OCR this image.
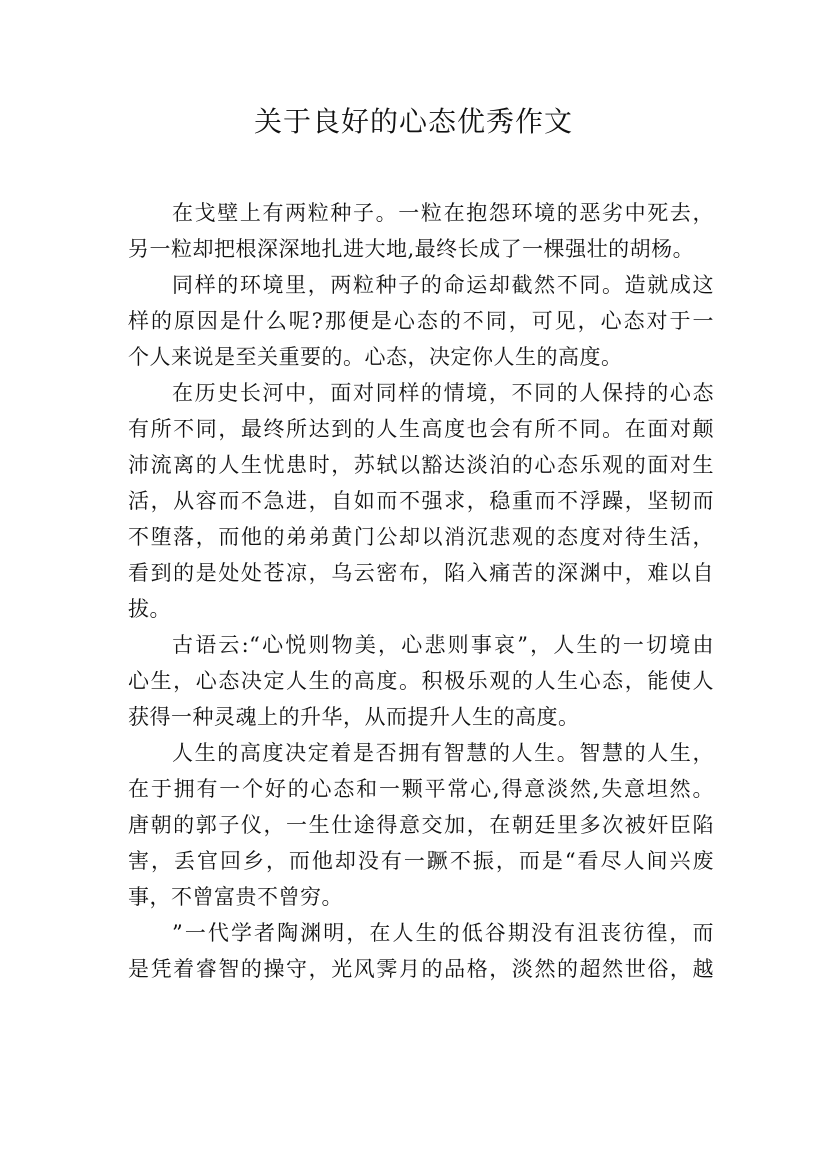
关于良好的心态优秀作文
在戈壁上有两粒种子。一粒在抱怨环境的恶劣中死去，
另一粒却把根深深地扎进大地,最终长成了一棵强壮的胡杨。
同样的环境里，两粒种子的命运却截然不同。造就成这
样的原因是什么呢?那便是心态的不同，可见，心态对于一
个人来说是至关重要的。心态，决定你人生的高度。
在历史长河中，面对同样的情境，不同的人保持的心态
有所不同，最终所达到的人生高度也会有所不同。在面对颠
沛流离的人生忧患时，苏轼以豁达淡泊的心态乐观的面对生
活，从容而不急进，自如而不强求，稳重而不浮躁，坚韧而
不堕落，而他的弟弟黄门公却以消沉悲观的态度对待生活，
看到的是处处苍凉，乌云密布，陷入痛苦的深渊中，难以自
拔。
古语云:“心悦则物美，心悲则事哀”，人生的一切境由
心生，心态决定人生的高度。积极乐观的人生心态，能使人
获得一种灵魂上的升华，从而提升人生的高度。
人生的高度决定着是否拥有智慧的人生。智慧的人生，
在于拥有一个好的心态和一颗平常心,得意淡然,失意坦然。
唐朝的郭子仪，一生仕途得意交加，在朝廷里多次被奸臣陷
害，丢官回乡，而他却没有一蹶不振，而是“看尽人间兴废
事，不曾富贵不曾穷。
”一代学者陶渊明，在人生的低谷期没有沮丧彷徨，而
是凭着睿智的操守，光风霁月的品格，淡然的超然世俗，越
